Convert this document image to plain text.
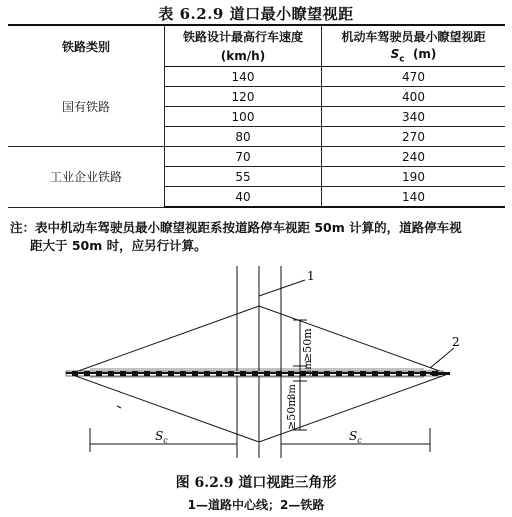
表 6.2.9 道口最小瞭望视距
铁路类别	铁路设计最高行车速度	机动车驾驶员最小瞭望视距
	(km/h)	$S_c$ (m)
国有铁路	140	470
	120	400
	100	340
	80	270
工业企业铁路	70	240
	55	190
	40	140
注：表中机动车驾驶员最小瞭望视距系按道路停车视距 50m 计算的，道路停车视
距大于 50m 时，应另行计算。
1
2
≥50m
3m
3m
≥50m
$S_c$	$S_c$
图 6.2.9 道口视距三角形
1—道路中心线；2—铁路
